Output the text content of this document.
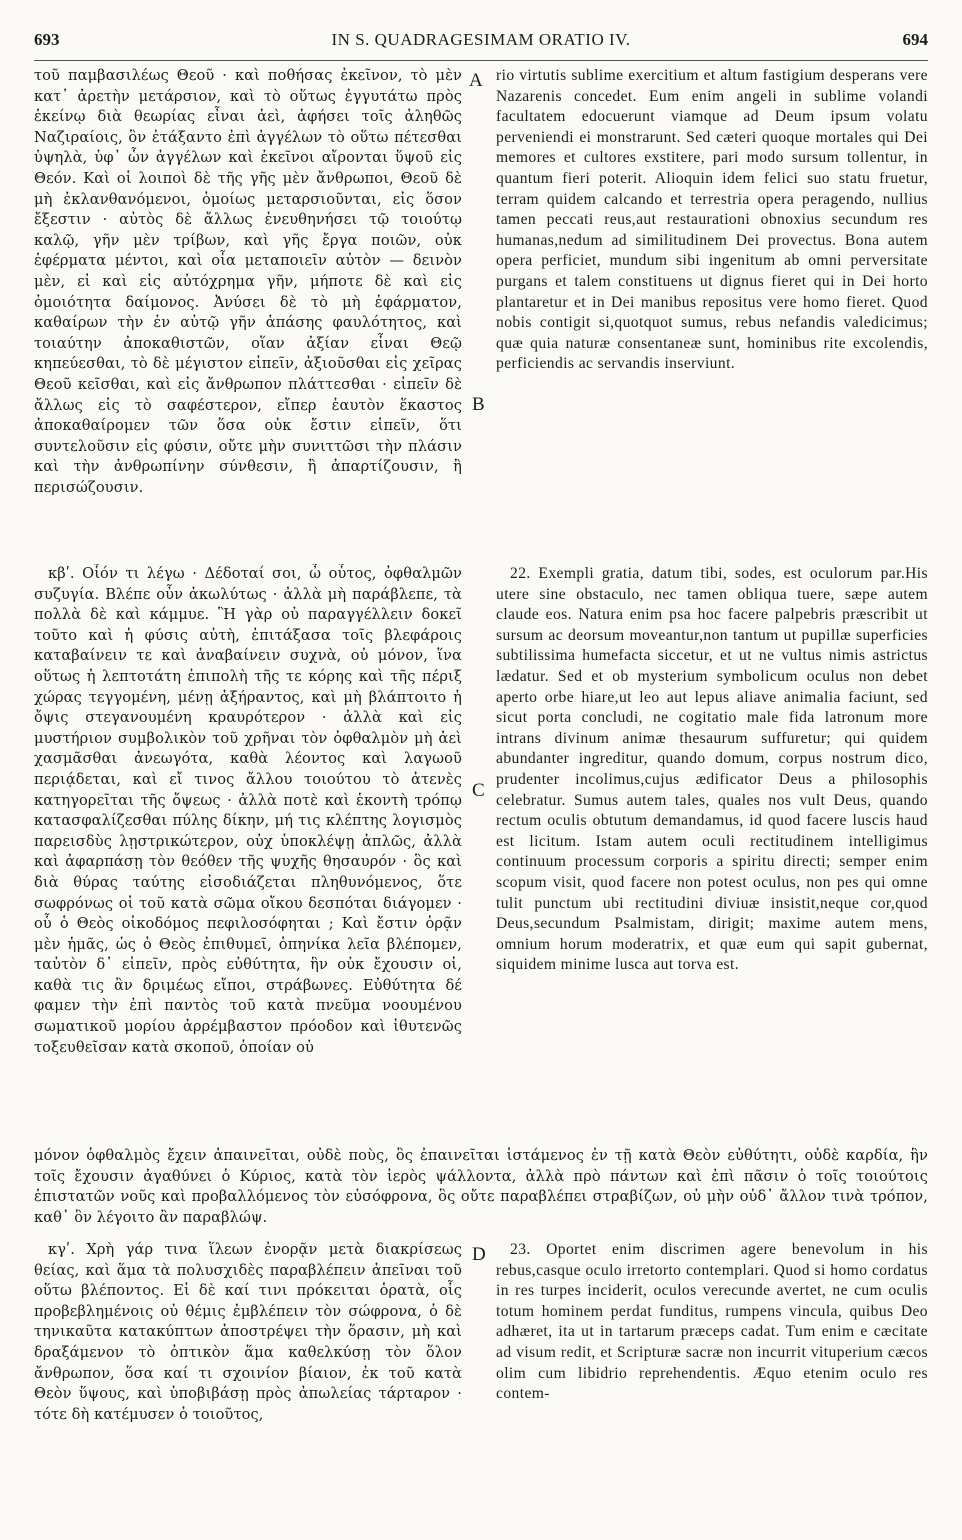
693	IN S. QUADRAGESIMAM ORATIO IV.	694

τοῦ παμβασιλέως Θεοῦ · καὶ ποθήσας ἐκεῖνον, τὸ μὲν κατ᾽ ἀρετὴν μετάρσιον, καὶ τὸ οὕτως ἐγγυτάτω πρὸς ἐκείνῳ διὰ θεωρίας εἶναι ἀεὶ, ἀφήσει τοῖς ἀληθῶς Ναζιραίοις, ὃν ἐτάξαντο ἐπὶ ἀγγέλων τὸ οὕτω πέτεσθαι ὑψηλὰ, ὑφ᾽ ὧν ἀγγέλων καὶ ἐκεῖνοι αἴρονται ὕψοῦ εἰς Θεόν. Καὶ οἱ λοιποὶ δὲ τῆς γῆς μὲν ἄνθρωποι, Θεοῦ δὲ μὴ ἐκλανθανόμενοι, ὁμοίως μεταρσιοῦνται, εἰς ὅσον ἔξεστιν · αὐτὸς δὲ ἄλλως ἐνευθηνήσει τῷ τοιούτῳ καλῷ, γῆν μὲν τρίβων, καὶ γῆς ἔργα ποιῶν, οὐκ ἐφέρματα μέντοι, καὶ οἷα μεταποιεῖν αὐτὸν — δεινὸν μὲν, εἰ καὶ εἰς αὐτόχρημα γῆν, μήποτε δὲ καὶ εἰς ὁμοιότητα δαίμονος. Ἀνύσει δὲ τὸ μὴ ἐφάρματον, καθαίρων τὴν ἐν αὐτῷ γῆν ἁπάσης φαυλότητος, καὶ τοιαύτην ἀποκαθιστῶν, οἵαν ἀξίαν εἶναι Θεῷ κηπεύεσθαι, τὸ δὲ μέγιστον εἰπεῖν, ἀξιοῦσθαι εἰς χεῖρας Θεοῦ κεῖσθαι, καὶ εἰς ἄνθρωπον πλάττεσθαι · εἰπεῖν δὲ ἄλλως εἰς τὸ σαφέστερον, εἴπερ ἑαυτὸν ἕκαστος ἀποκαθαίρομεν τῶν ὅσα οὐκ ἔστιν εἰπεῖν, ὅτι συντελοῦσιν εἰς φύσιν, οὔτε μὴν συνιττῶσι τὴν πλάσιν καὶ τὴν ἀνθρωπίνην σύνθεσιν, ἢ ἀπαρτίζουσιν, ἢ περισώζουσιν.

rio virtutis sublime exercitium et altum fastigium desperans vere Nazarenis concedet. Eum enim angeli in sublime volandi facultatem edocuerunt viamque ad Deum ipsum volatu perveniendi ei monstrarunt. Sed cæteri quoque mortales qui Dei memores et cultores exstitere, pari modo sursum tollentur, in quantum fieri poterit. Alioquin idem felici suo statu fruetur, terram quidem calcando et terrestria opera peragendo, nullius tamen peccati reus,aut restaurationi obnoxius secundum res humanas,nedum ad similitudinem Dei provectus. Bona autem opera perficiet, mundum sibi ingenitum ab omni perversitate purgans et talem constituens ut dignus fieret qui in Dei horto plantaretur et in Dei manibus repositus vere homo fieret. Quod nobis contigit si,quotquot sumus, rebus nefandis valedicimus; quæ quia naturæ consentaneæ sunt, hominibus rite excolendis, perficiendis ac servandis inserviunt.

κβʹ. Οἷόν τι λέγω · Δέδοταί σοι, ὦ οὗτος, ὀφθαλμῶν συζυγία. Βλέπε οὖν ἀκωλύτως · ἀλλὰ μὴ παράβλεπε, τὰ πολλὰ δὲ καὶ κάμμυε. Ἣ γὰρ οὐ παραγγέλλειν δοκεῖ τοῦτο καὶ ἡ φύσις αὐτὴ, ἐπιτάξασα τοῖς βλεφάροις καταβαίνειν τε καὶ ἀναβαίνειν συχνὰ, οὐ μόνον, ἵνα οὕτως ἡ λεπτοτάτη ἐπιπολὴ τῆς τε κόρης καὶ τῆς πέριξ χώρας τεγγομένη, μένῃ ἀξήραντος, καὶ μὴ βλάπτοιτο ἡ ὄψις στεγανουμένη κραυρότερον · ἀλλὰ καὶ εἰς μυστήριον συμβολικὸν τοῦ χρῆναι τὸν ὀφθαλμὸν μὴ ἀεὶ χασμᾶσθαι ἀνεωγότα, καθὰ λέοντος καὶ λαγωοῦ περιᾴδεται, καὶ εἴ τινος ἄλλου τοιούτου τὸ ἀτενὲς κατηγορεῖται τῆς ὄψεως · ἀλλὰ ποτὲ καὶ ἑκοντὴ τρόπῳ κατασφαλίζεσθαι πύλης δίκην, μή τις κλέπτης λογισμὸς παρεισδὺς λῃστρικώτερον, οὐχ ὑποκλέψῃ ἁπλῶς, ἀλλὰ καὶ ἀφαρπάσῃ τὸν θεόθεν τῆς ψυχῆς θησαυρόν · ὃς καὶ διὰ θύρας ταύτης εἰσοδιάζεται πληθυνόμενος, ὅτε σωφρόνως οἱ τοῦ κατὰ σῶμα οἴκου δεσπόται διάγομεν · οὗ ὁ Θεὸς οἰκοδόμος πεφιλοσόφηται ; Καὶ ἔστιν ὁρᾷν μὲν ἡμᾶς, ὡς ὁ Θεὸς ἐπιθυμεῖ, ὁπηνίκα λεῖα βλέπομεν, ταὐτὸν δ᾽ εἰπεῖν, πρὸς εὐθύτητα, ἣν οὐκ ἔχουσιν οἱ, καθὰ τις ἂν δριμέως εἴποι, στράβωνες. Εὐθύτητα δέ φαμεν τὴν ἐπὶ παντὸς τοῦ κατὰ πνεῦμα νοουμένου σωματικοῦ μορίου ἀρρέμβαστον πρόοδον καὶ ἰθυτενῶς τοξευθεῖσαν κατὰ σκοποῦ, ὁποίαν οὐ

22. Exempli gratia, datum tibi, sodes, est oculorum par.His utere sine obstaculo, nec tamen obliqua tuere, sæpe autem claude eos. Natura enim psa hoc facere palpebris præscribit ut sursum ac deorsum moveantur,non tantum ut pupillæ superficies subtilissima humefacta siccetur, et ut ne vultus nimis astrictus lædatur. Sed et ob mysterium symbolicum oculus non debet aperto orbe hiare,ut leo aut lepus aliave animalia faciunt, sed sicut porta concludi, ne cogitatio male fida latronum more intrans divinum animæ thesaurum suffuretur; qui quidem abundanter ingreditur, quando domum, corpus nostrum dico, prudenter incolimus,cujus ædificator Deus a philosophis celebratur. Sumus autem tales, quales nos vult Deus, quando rectum oculis obtutum demandamus, id quod facere luscis haud est licitum. Istam autem oculi rectitudinem intelligimus continuum processum corporis a spiritu directi; semper enim scopum visit, quod facere non potest oculus, non pes qui omne tulit punctum ubi rectitudini diviuæ insistit,neque cor,quod Deus,secundum Psalmistam, dirigit; maxime autem mens, omnium horum moderatrix, et quæ eum qui sapit gubernat, siquidem minime lusca aut torva est.

μόνον ὀφθαλμὸς ἔχειν ἀπαινεῖται, οὐδὲ ποὺς, ὃς ἐπαινεῖται ἱστάμενος ἐν τῇ κατὰ Θεὸν εὐθύτητι, οὐδὲ καρδία, ἣν τοῖς ἔχουσιν ἀγαθύνει ὁ Κύριος, κατὰ τὸν ἱερὸς ψάλλοντα, ἀλλὰ πρὸ πάντων καὶ ἐπὶ πᾶσιν ὁ τοῖς τοιούτοις ἐπιστατῶν νοῦς καὶ προβαλλόμενος τὸν εὐσόφρονα, ὃς οὔτε παραβλέπει στραβίζων, οὐ μὴν οὐδ᾽ ἄλλον τινὰ τρόπον, καθ᾽ ὃν λέγοιτο ἂν παραβλώψ.

κγʹ. Χρὴ γάρ τινα ἵλεων ἐνορᾷν μετὰ διακρίσεως θείας, καὶ ἅμα τὰ πολυσχιδὲς παραβλέπειν ἀπεῖναι τοῦ οὕτω βλέποντος. Εἰ δὲ καί τινι πρόκειται ὁρατὰ, οἷς προβεβλημένοις οὐ θέμις ἐμβλέπειν τὸν σώφρονα, ὁ δὲ τηνικαῦτα κατακύπτων ἀποστρέψει τὴν ὅρασιν, μὴ καὶ δραξάμενον τὸ ὀπτικὸν ἅμα καθελκύσῃ τὸν ὅλον ἄνθρωπον, ὅσα καί τι σχοινίον βίαιον, ἐκ τοῦ κατὰ Θεὸν ὕψους, καὶ ὑποβιβάσῃ πρὸς ἀπωλείας τάρταρον · τότε δὴ κατέμυσεν ὁ τοιοῦτος,

23. Oportet enim discrimen agere benevolum in his rebus,casque oculo irretorto contemplari. Quod si homo cordatus in res turpes inciderit, oculos verecunde avertet, ne cum oculis totum hominem perdat funditus, rumpens vincula, quibus Deo adhæret, ita ut in tartarum præceps cadat. Tum enim e cæcitate ad visum redit, et Scripturæ sacræ non incurrit vituperium cæcos olim cum libidrio reprehendentis. Æquo etenim oculo res contem-

A
B
C
D
